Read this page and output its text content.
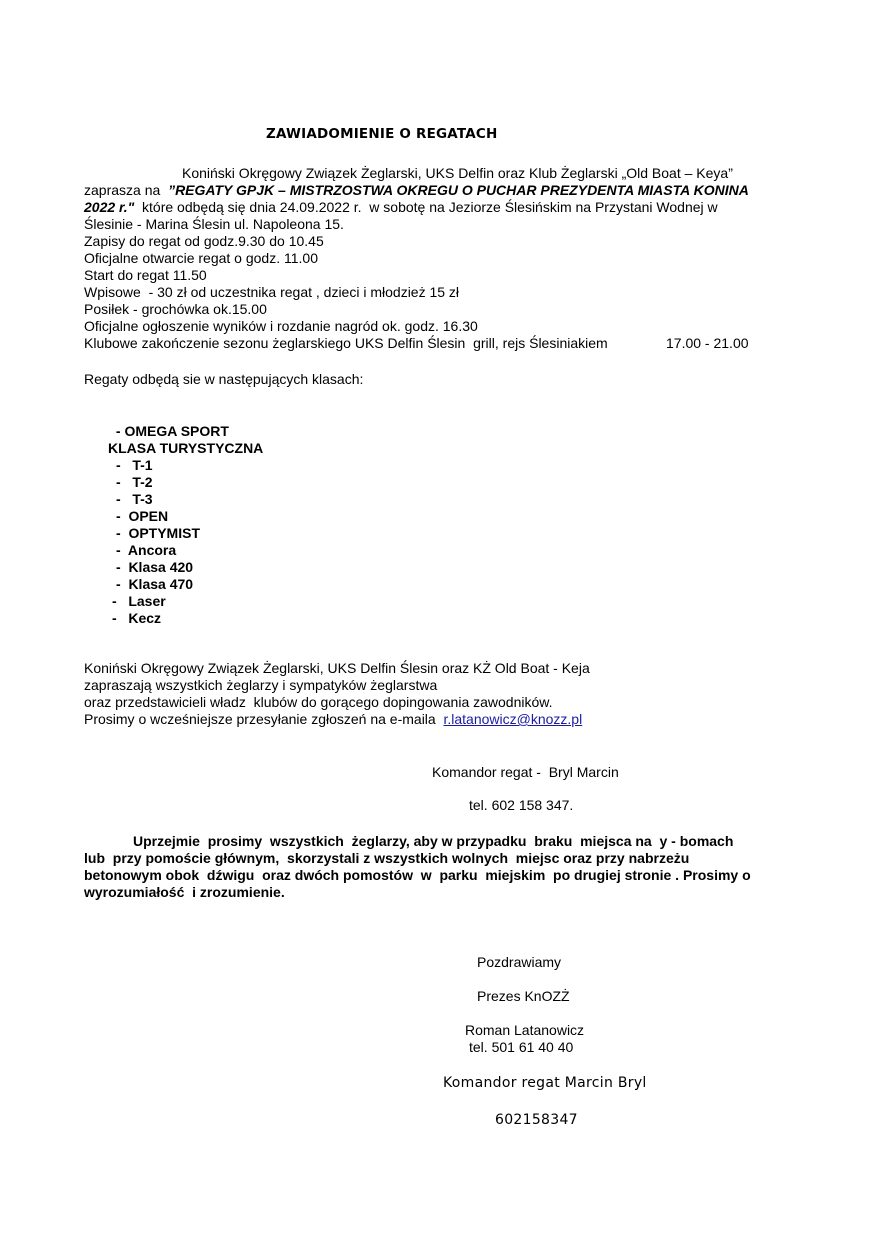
ZAWIADOMIENIE O REGATACH
Koniński Okręgowy Związek Żeglarski, UKS Delfin oraz Klub Żeglarski „Old Boat – Keya”
zaprasza na  ”REGATY GPJK – MISTRZOSTWA OKREGU O PUCHAR PREZYDENTA MIASTA KONINA
2022 r."  które odbędą się dnia 24.09.2022 r.  w sobotę na Jeziorze Ślesińskim na Przystani Wodnej w
Ślesinie - Marina Ślesin ul. Napoleona 15.
Zapisy do regat od godz.9.30 do 10.45
Oficjalne otwarcie regat o godz. 11.00
Start do regat 11.50
Wpisowe  - 30 zł od uczestnika regat , dzieci i młodzież 15 zł
Posiłek - grochówka ok.15.00
Oficjalne ogłoszenie wyników i rozdanie nagród ok. godz. 16.30
Klubowe zakończenie sezonu żeglarskiego UKS Delfin Ślesin  grill, rejs Ślesiniakiem	17.00 - 21.00
Regaty odbędą sie w następujących klasach:
- OMEGA SPORT
KLASA TURYSTYCZNA
-   T-1
-   T-2
-   T-3
-  OPEN
-  OPTYMIST
-  Ancora
-  Klasa 420
-  Klasa 470
-   Laser
-   Kecz
Koniński Okręgowy Związek Żeglarski, UKS Delfin Ślesin oraz KŻ Old Boat - Keja
zapraszają wszystkich żeglarzy i sympatyków żeglarstwa
oraz przedstawicieli władz  klubów do gorącego dopingowania zawodników.
Prosimy o wcześniejsze przesyłanie zgłoszeń na e-maila  r.latanowicz@knozz.pl
Komandor regat -  Bryl Marcin
tel. 602 158 347.
Uprzejmie  prosimy  wszystkich  żeglarzy, aby w przypadku  braku  miejsca na  y - bomach
lub  przy pomoście głównym,  skorzystali z wszystkich wolnych  miejsc oraz przy nabrzeżu
betonowym obok  dźwigu  oraz dwóch pomostów  w  parku  miejskim  po drugiej stronie . Prosimy o
wyrozumiałość  i zrozumienie.
Pozdrawiamy
Prezes KnOZŻ
Roman Latanowicz
tel. 501 61 40 40
Komandor regat Marcin Bryl
602158347
